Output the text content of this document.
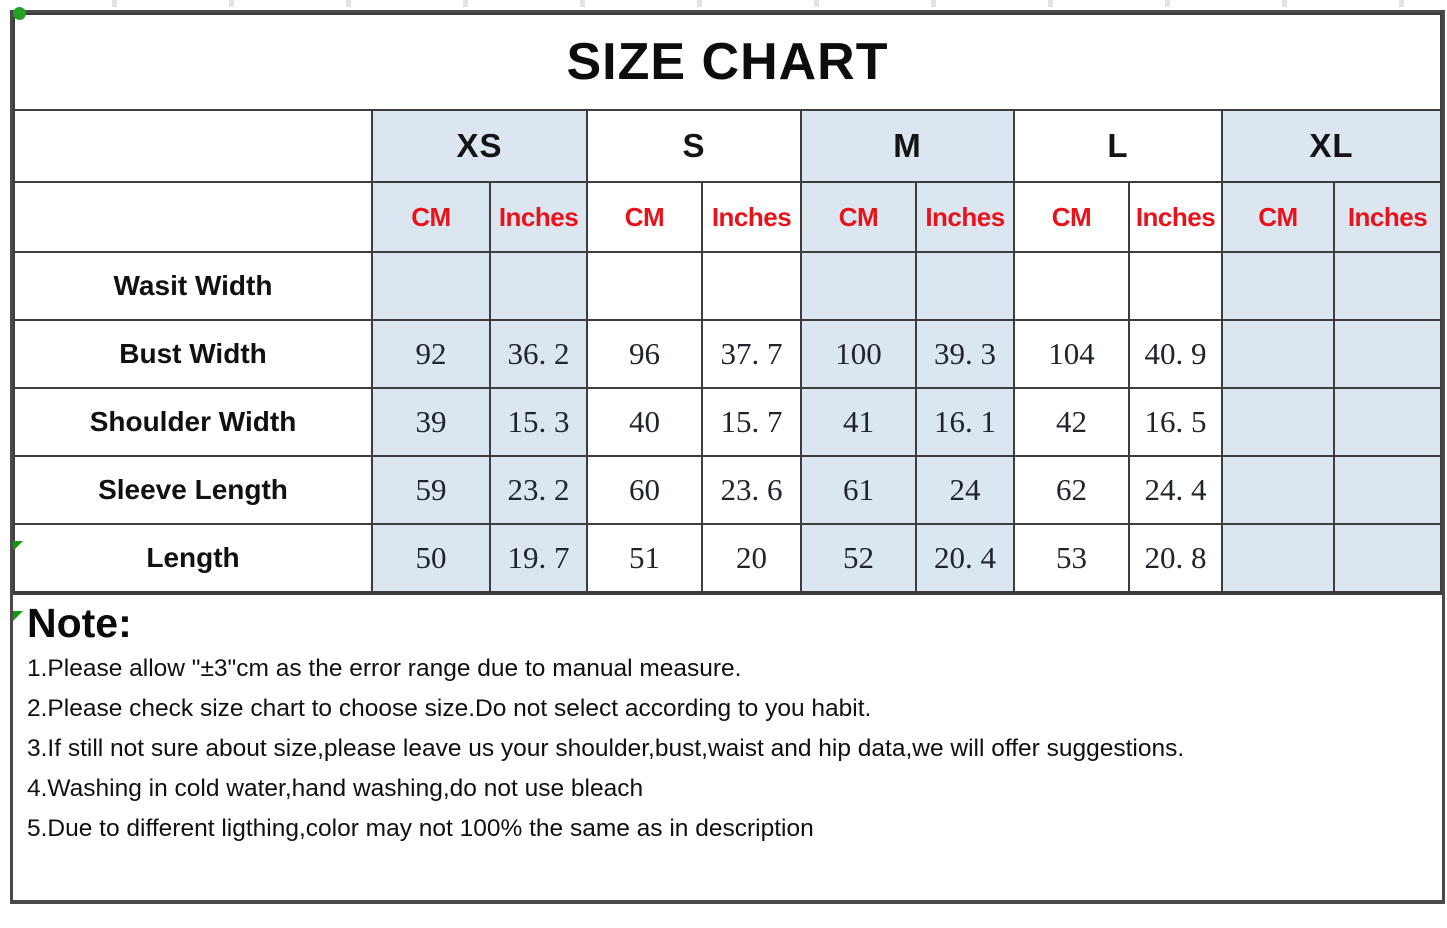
SIZE CHART										
	XS		S		M		L		XL	
	CM	Inches	CM	Inches	CM	Inches	CM	Inches	CM	Inches
Wasit Width										
Bust Width	92	36. 2	96	37. 7	100	39. 3	104	40. 9		
Shoulder Width	39	15. 3	40	15. 7	41	16. 1	42	16. 5		
Sleeve Length	59	23. 2	60	23. 6	61	24	62	24. 4		
Length	50	19. 7	51	20	52	20. 4	53	20. 8		
Note:

1.Please allow "±3"cm as the error range due to manual measure.

2.Please check size chart to choose size.Do not select according to you habit.

3.If still not sure about size,please leave us your shoulder,bust,waist and hip data,we will offer suggestions.

4.Washing in cold water,hand washing,do not use bleach

5.Due to different ligthing,color may not 100% the same as in description
